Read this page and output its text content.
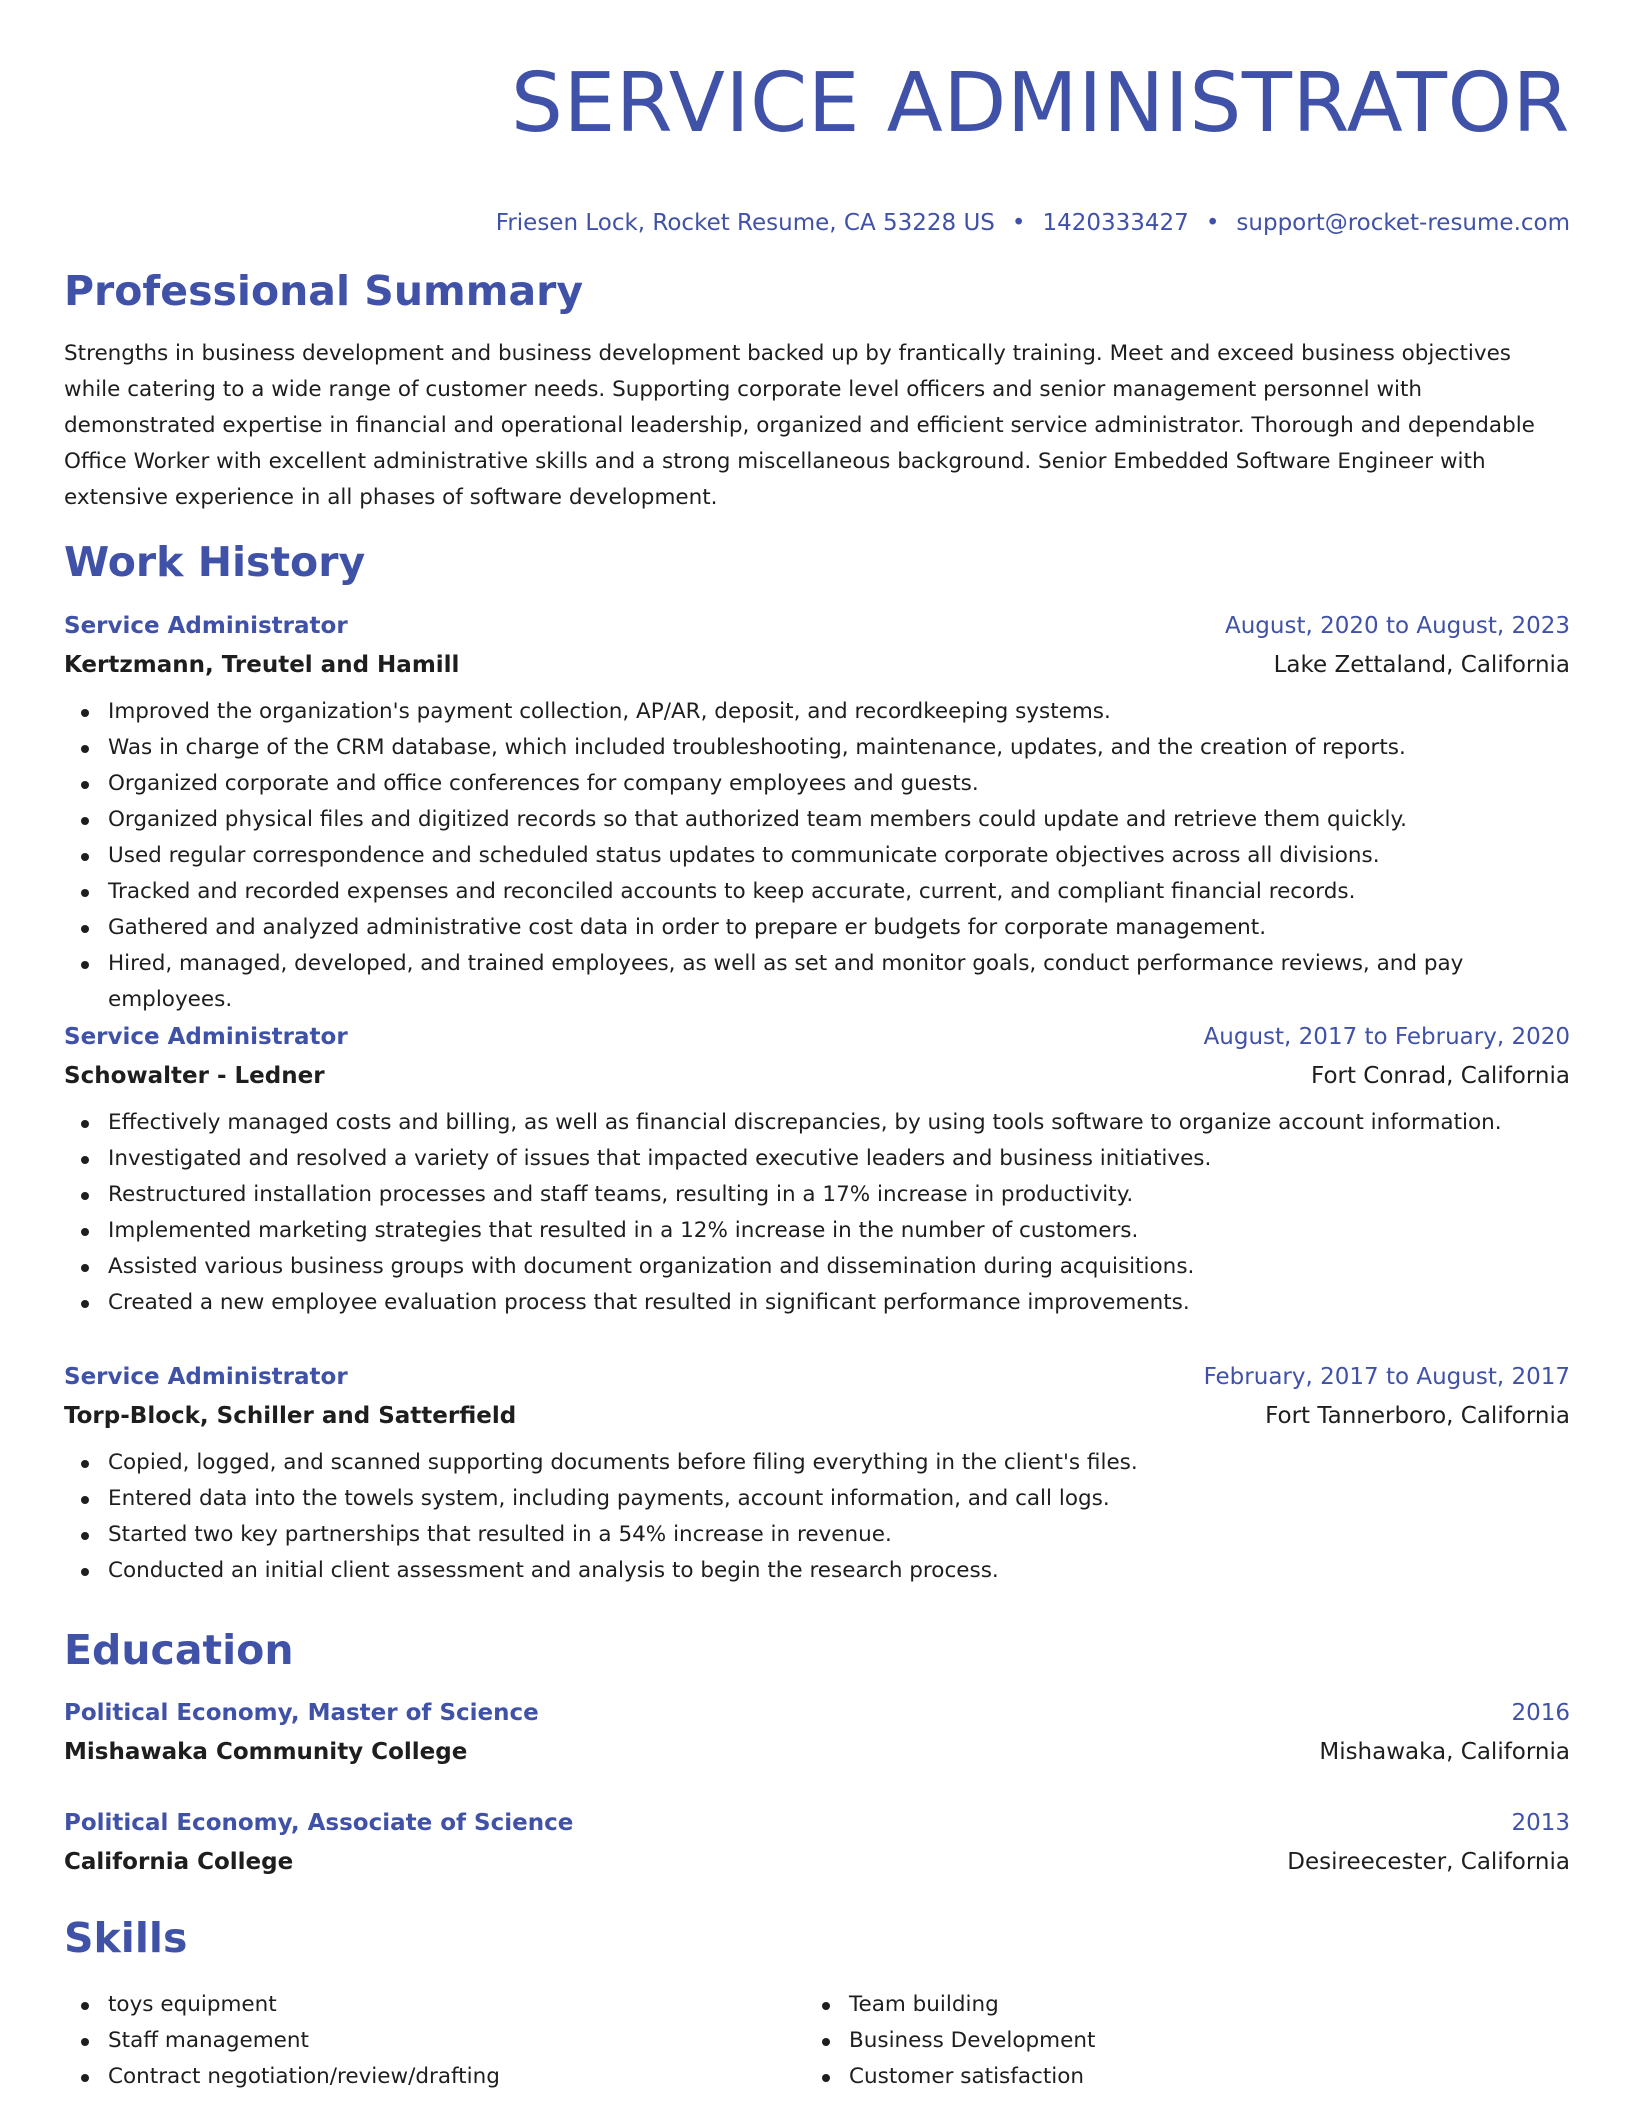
SERVICE ADMINISTRATOR
Friesen Lock, Rocket Resume, CA 53228 US • 1420333427 • support@rocket-resume.com
Professional Summary

Strengths in business development and business development backed up by frantically training. Meet and exceed business objectives while catering to a wide range of customer needs. Supporting corporate level officers and senior management personnel with demonstrated expertise in financial and operational leadership, organized and efficient service administrator. Thorough and dependable Office Worker with excellent administrative skills and a strong miscellaneous background. Senior Embedded Software Engineer with extensive experience in all phases of software development.

Work History
Service Administrator	August, 2020 to August, 2023
Kertzmann, Treutel and Hamill	Lake Zettaland, California
Improved the organization's payment collection, AP/AR, deposit, and recordkeeping systems.
Was in charge of the CRM database, which included troubleshooting, maintenance, updates, and the creation of reports.
Organized corporate and office conferences for company employees and guests.
Organized physical files and digitized records so that authorized team members could update and retrieve them quickly.
Used regular correspondence and scheduled status updates to communicate corporate objectives across all divisions.
Tracked and recorded expenses and reconciled accounts to keep accurate, current, and compliant financial records.
Gathered and analyzed administrative cost data in order to prepare er budgets for corporate management.
Hired, managed, developed, and trained employees, as well as set and monitor goals, conduct performance reviews, and pay employees.
Service Administrator	August, 2017 to February, 2020
Schowalter - Ledner	Fort Conrad, California
Effectively managed costs and billing, as well as financial discrepancies, by using tools software to organize account information.
Investigated and resolved a variety of issues that impacted executive leaders and business initiatives.
Restructured installation processes and staff teams, resulting in a 17% increase in productivity.
Implemented marketing strategies that resulted in a 12% increase in the number of customers.
Assisted various business groups with document organization and dissemination during acquisitions.
Created a new employee evaluation process that resulted in significant performance improvements.
Service Administrator	February, 2017 to August, 2017
Torp-Block, Schiller and Satterfield	Fort Tannerboro, California
Copied, logged, and scanned supporting documents before filing everything in the client's files.
Entered data into the towels system, including payments, account information, and call logs.
Started two key partnerships that resulted in a 54% increase in revenue.
Conducted an initial client assessment and analysis to begin the research process.
Education
Political Economy, Master of Science	2016
Mishawaka Community College	Mishawaka, California
Political Economy, Associate of Science	2013
California College	Desireecester, California
Skills
toys equipment
Staff management
Contract negotiation/review/drafting
Team building
Business Development
Customer satisfaction
